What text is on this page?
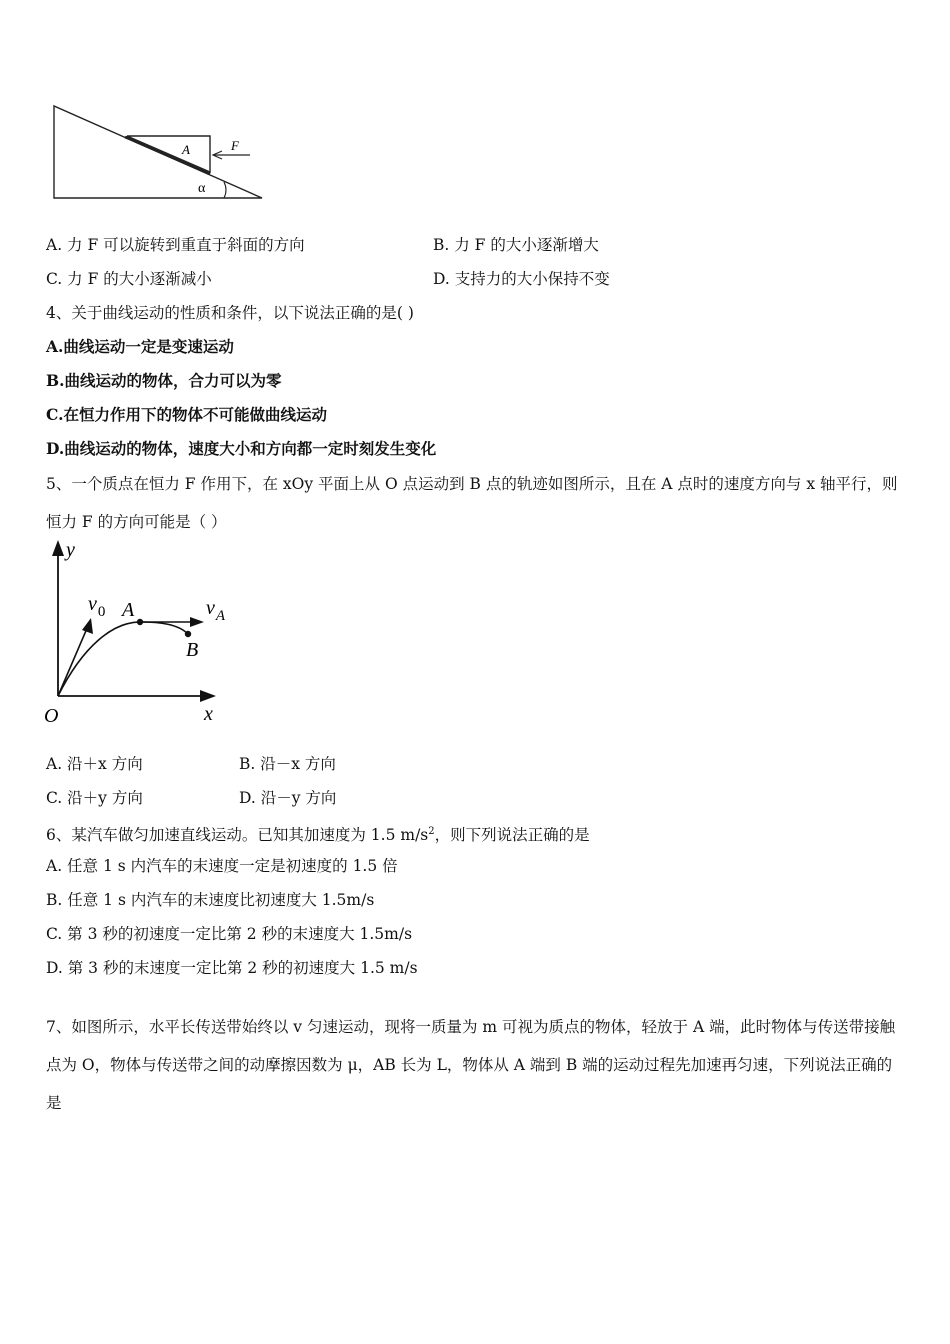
A	F
α
A. 力 F 可以旋转到重直于斜面的方向	B. 力 F 的大小逐渐增大
C. 力 F 的大小逐渐减小	D. 支持力的大小保持不变
4、关于曲线运动的性质和条件，以下说法正确的是( )
A.曲线运动一定是变速运动
B.曲线运动的物体，合力可以为零
C.在恒力作用下的物体不可能做曲线运动
D.曲线运动的物体，速度大小和方向都一定时刻发生变化
5、一个质点在恒力 F 作用下，在 xOy 平面上从 O 点运动到 B 点的轨迹如图所示，且在 A 点时的速度方向与 x 轴平行，则恒力 F 的方向可能是（ ）
y
x
O
$v_0$ A
B
$v_A$
A. 沿＋x 方向	B. 沿－x 方向
C. 沿＋y 方向	D. 沿－y 方向
6、某汽车做匀加速直线运动。已知其加速度为 1.5 $m/s^2$，则下列说法正确的是
A. 任意 1 s 内汽车的末速度一定是初速度的 1.5 倍
B. 任意 1 s 内汽车的末速度比初速度大 1.5m/s
C. 第 3 秒的初速度一定比第 2 秒的末速度大 1.5m/s
D. 第 3 秒的末速度一定比第 2 秒的初速度大 1.5 m/s
7、如图所示，水平长传送带始终以 v 匀速运动，现将一质量为 m 可视为质点的物体，轻放于 A 端，此时物体与传送带接触点为 O，物体与传送带之间的动摩擦因数为 μ，AB 长为 L，物体从 A 端到 B 端的运动过程先加速再匀速，下列说法正确的是
